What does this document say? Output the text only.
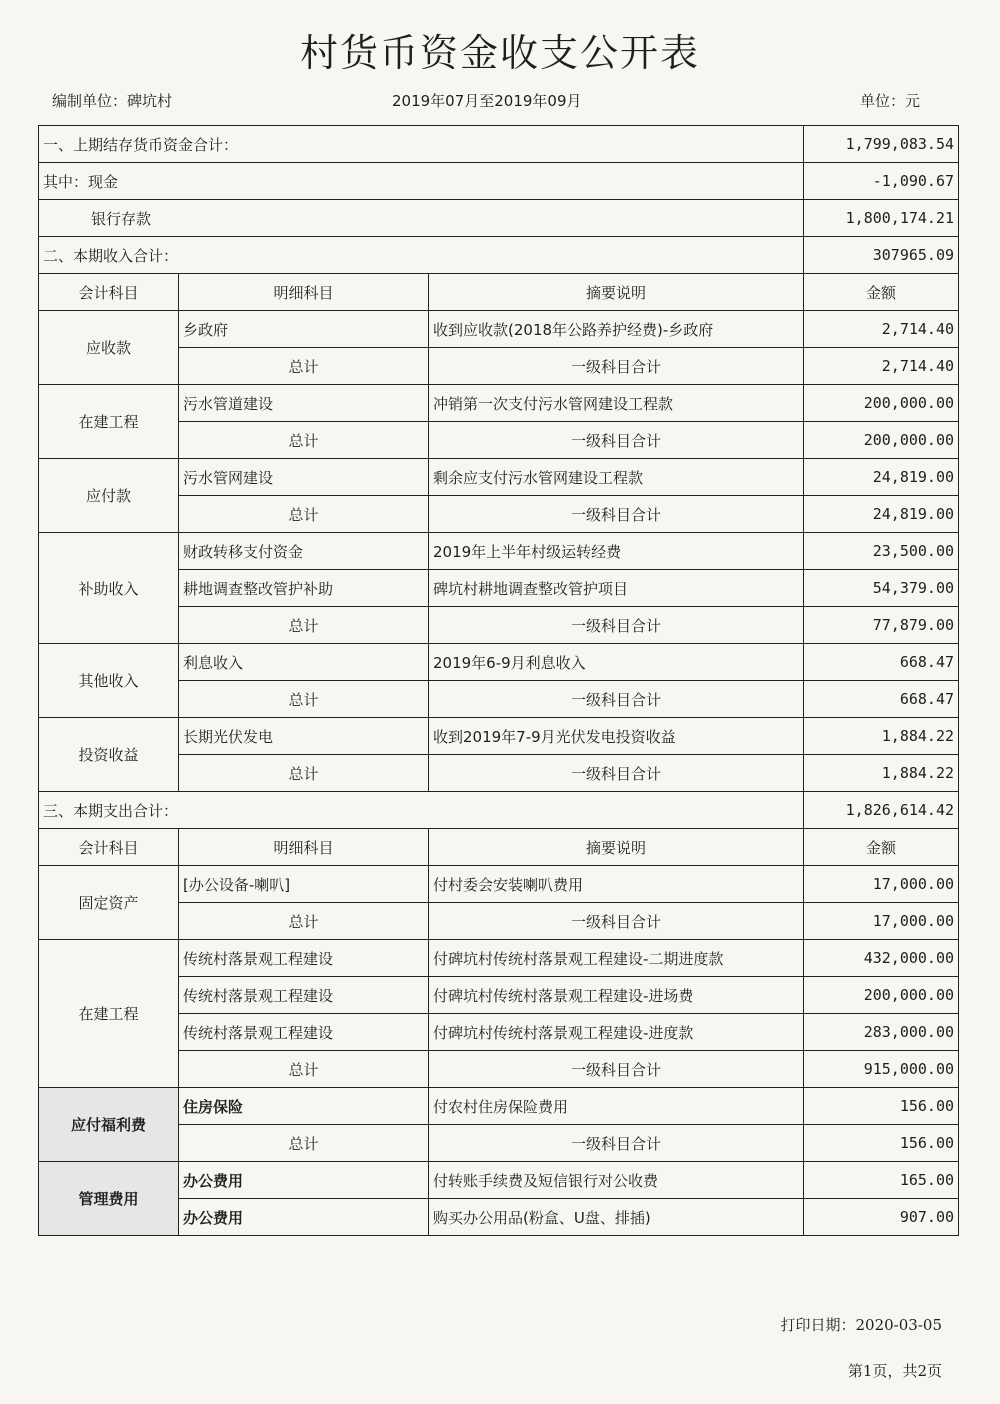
村货币资金收支公开表
编制单位：碑坑村	2019年07月至2019年09月	单位：元
一、上期结存货币资金合计：			1,799,083.54
其中：现金			-1,090.67
银行存款			1,800,174.21
二、本期收入合计：			307965.09
会计科目	明细科目	摘要说明	金额
应收款	乡政府	收到应收款(2018年公路养护经费)-乡政府	2,714.40
	总计	一级科目合计	2,714.40
在建工程	污水管道建设	冲销第一次支付污水管网建设工程款	200,000.00
	总计	一级科目合计	200,000.00
应付款	污水管网建设	剩余应支付污水管网建设工程款	24,819.00
	总计	一级科目合计	24,819.00
补助收入	财政转移支付资金	2019年上半年村级运转经费	23,500.00
	耕地调查整改管护补助	碑坑村耕地调查整改管护项目	54,379.00
	总计	一级科目合计	77,879.00
其他收入	利息收入	2019年6-9月利息收入	668.47
	总计	一级科目合计	668.47
投资收益	长期光伏发电	收到2019年7-9月光伏发电投资收益	1,884.22
	总计	一级科目合计	1,884.22
三、本期支出合计：			1,826,614.42
会计科目	明细科目	摘要说明	金额
固定资产	[办公设备-喇叭]	付村委会安装喇叭费用	17,000.00
	总计	一级科目合计	17,000.00
在建工程	传统村落景观工程建设	付碑坑村传统村落景观工程建设-二期进度款	432,000.00
	传统村落景观工程建设	付碑坑村传统村落景观工程建设-进场费	200,000.00
	传统村落景观工程建设	付碑坑村传统村落景观工程建设-进度款	283,000.00
	总计	一级科目合计	915,000.00
应付福利费	住房保险	付农村住房保险费用	156.00
	总计	一级科目合计	156.00
管理费用	办公费用	付转账手续费及短信银行对公收费	165.00
	办公费用	购买办公用品(粉盒、U盘、排插)	907.00
打印日期：2020-03-05
第1页，共2页
